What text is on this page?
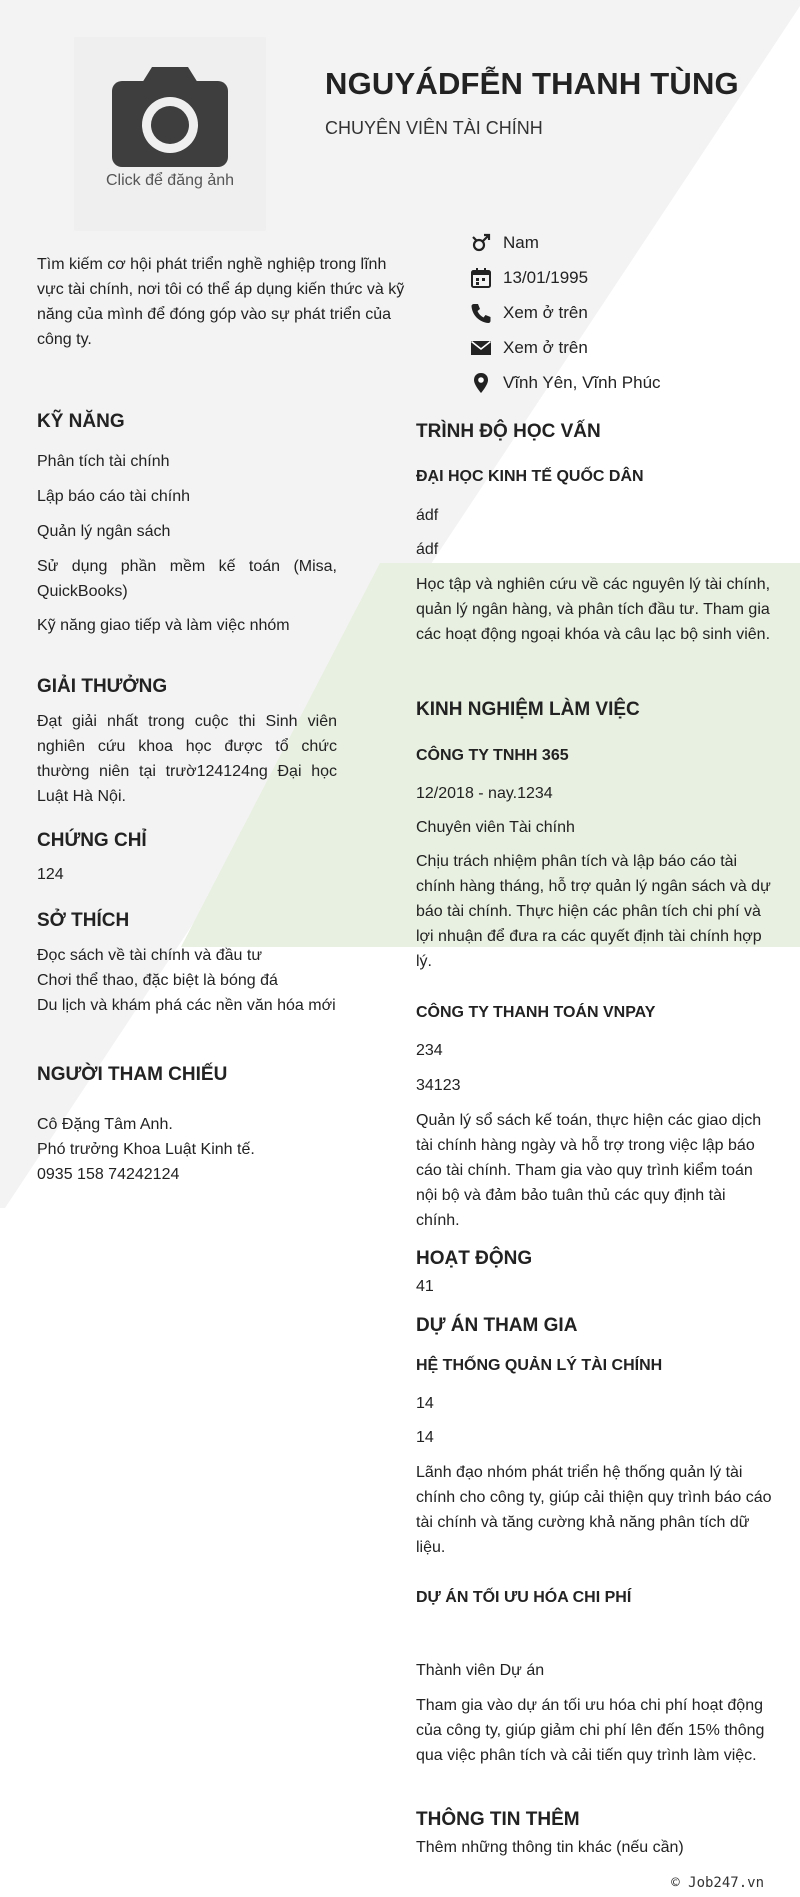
Click để đăng ảnh
NGUYÁDFỄN THANH TÙNG
CHUYÊN VIÊN TÀI CHÍNH
Tìm kiếm cơ hội phát triển nghề nghiệp trong lĩnh vực tài chính, nơi tôi có thể áp dụng kiến thức và kỹ năng của mình để đóng góp vào sự phát triển của công ty.
Nam
13/01/1995
Xem ở trên
Xem ở trên
Vĩnh Yên, Vĩnh Phúc
KỸ NĂNG
Phân tích tài chính
Lập báo cáo tài chính
Quản lý ngân sách
Sử dụng phần mềm kế toán (Misa, QuickBooks)
Kỹ năng giao tiếp và làm việc nhóm
GIẢI THƯỞNG
Đạt giải nhất trong cuộc thi Sinh viên nghiên cứu khoa học được tổ chức thường niên tại trườ124124ng Đại học Luật Hà Nội.
CHỨNG CHỈ
124
SỞ THÍCH
Đọc sách về tài chính và đầu tư
Chơi thể thao, đặc biệt là bóng đá
Du lịch và khám phá các nền văn hóa mới
NGƯỜI THAM CHIẾU
Cô Đặng Tâm Anh.
Phó trưởng Khoa Luật Kinh tế.
0935 158 74242124
TRÌNH ĐỘ HỌC VẤN
ĐẠI HỌC KINH TẾ QUỐC DÂN
ádf
ádf
Học tập và nghiên cứu về các nguyên lý tài chính, quản lý ngân hàng, và phân tích đầu tư. Tham gia các hoạt động ngoại khóa và câu lạc bộ sinh viên.
KINH NGHIỆM LÀM VIỆC
CÔNG TY TNHH 365
12/2018 - nay.1234
Chuyên viên Tài chính
Chịu trách nhiệm phân tích và lập báo cáo tài chính hàng tháng, hỗ trợ quản lý ngân sách và dự báo tài chính. Thực hiện các phân tích chi phí và lợi nhuận để đưa ra các quyết định tài chính hợp lý.
CÔNG TY THANH TOÁN VNPAY
234
34123
Quản lý sổ sách kế toán, thực hiện các giao dịch tài chính hàng ngày và hỗ trợ trong việc lập báo cáo tài chính. Tham gia vào quy trình kiểm toán nội bộ và đảm bảo tuân thủ các quy định tài chính.
HOẠT ĐỘNG
41
DỰ ÁN THAM GIA
HỆ THỐNG QUẢN LÝ TÀI CHÍNH
14
14
Lãnh đạo nhóm phát triển hệ thống quản lý tài chính cho công ty, giúp cải thiện quy trình báo cáo tài chính và tăng cường khả năng phân tích dữ liệu.
DỰ ÁN TỐI ƯU HÓA CHI PHÍ
Thành viên Dự án
Tham gia vào dự án tối ưu hóa chi phí hoạt động của công ty, giúp giảm chi phí lên đến 15% thông qua việc phân tích và cải tiến quy trình làm việc.
THÔNG TIN THÊM
Thêm những thông tin khác (nếu cần)
© Job247.vn
